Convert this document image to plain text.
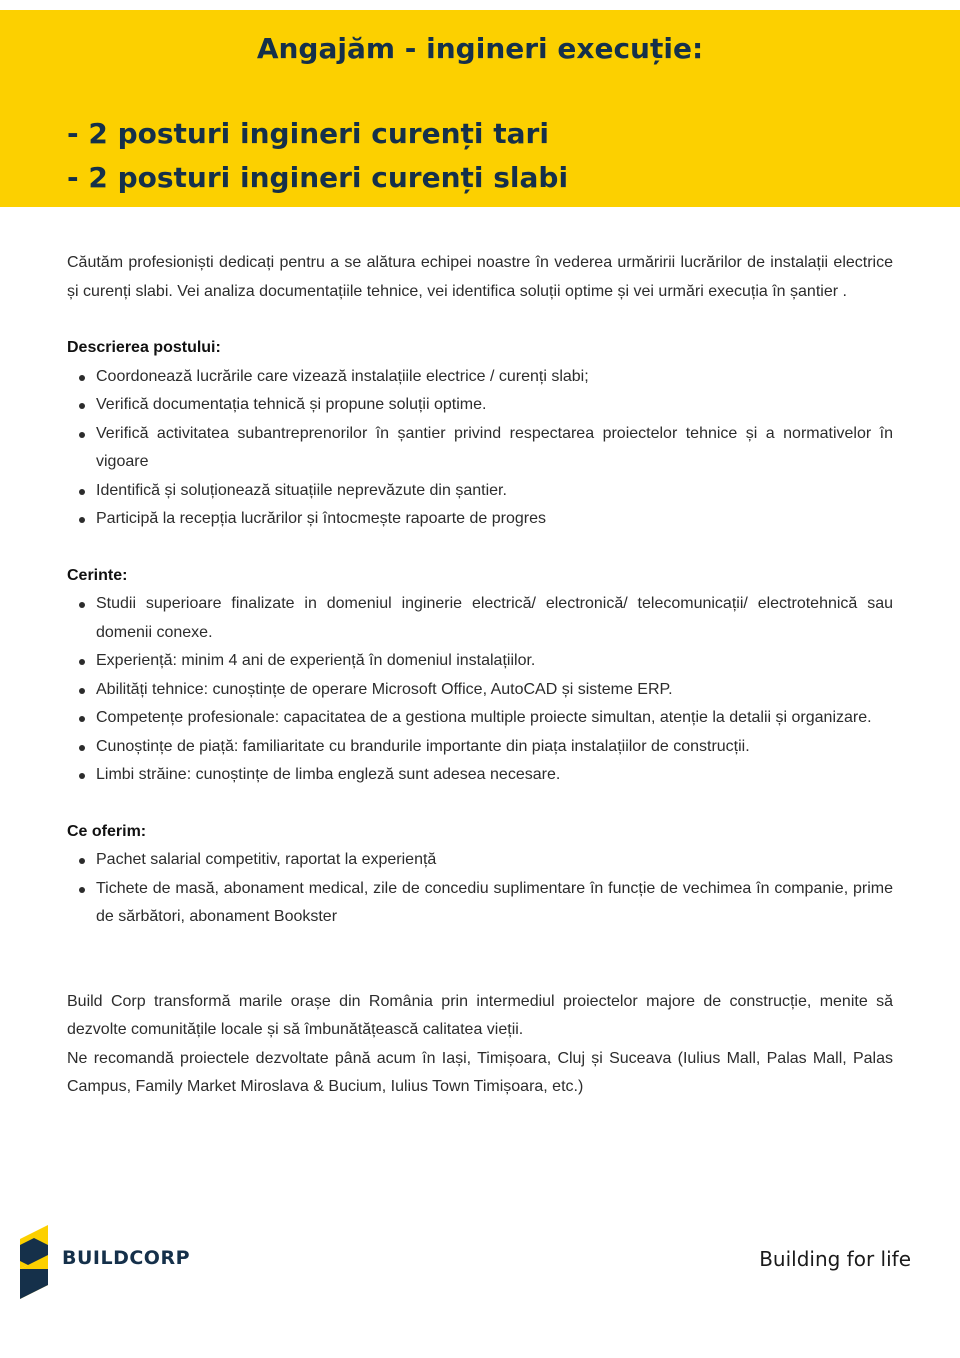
Angajăm - ingineri execuție:
- 2 posturi ingineri curenți tari
- 2 posturi ingineri curenți slabi

Căutăm profesioniști dedicați pentru a se alătura echipei noastre în vederea urmăririi lucrărilor de instalații electrice și curenți slabi. Vei analiza documentațiile tehnice, vei identifica soluții optime și vei urmări execuția în șantier .

Descrierea postului:

Coordonează lucrările care vizează instalațiile electrice / curenți slabi;
Verifică documentația tehnică și propune soluții optime.
Verifică activitatea subantreprenorilor în șantier privind respectarea proiectelor tehnice și a normativelor în vigoare
Identifică și soluționează situațiile neprevăzute din șantier.
Participă la recepția lucrărilor și întocmește rapoarte de progres

Cerinte:

Studii superioare finalizate in domeniul inginerie electrică/ electronică/ telecomunicații/ electrotehnică sau domenii conexe.
Experiență: minim 4 ani de experiență în domeniul instalațiilor.
Abilități tehnice: cunoștințe de operare Microsoft Office, AutoCAD și sisteme ERP.
Competențe profesionale: capacitatea de a gestiona multiple proiecte simultan, atenție la detalii și organizare.
Cunoștințe de piață: familiaritate cu brandurile importante din piața instalațiilor de construcții.
Limbi străine: cunoștințe de limba engleză sunt adesea necesare.

Ce oferim:

Pachet salarial competitiv, raportat la experiență
Tichete de masă, abonament medical, zile de concediu suplimentare în funcție de vechimea în companie, prime de sărbători, abonament Bookster

Build Corp transformă marile orașe din România prin intermediul proiectelor majore de construcție, menite să dezvolte comunitățile locale și să îmbunătățească calitatea vieții.

Ne recomandă proiectele dezvoltate până acum în Iași, Timișoara, Cluj și Suceava (Iulius Mall, Palas Mall, Palas Campus, Family Market Miroslava & Bucium, Iulius Town Timișoara, etc.)

BUILDCORP	Building for life
